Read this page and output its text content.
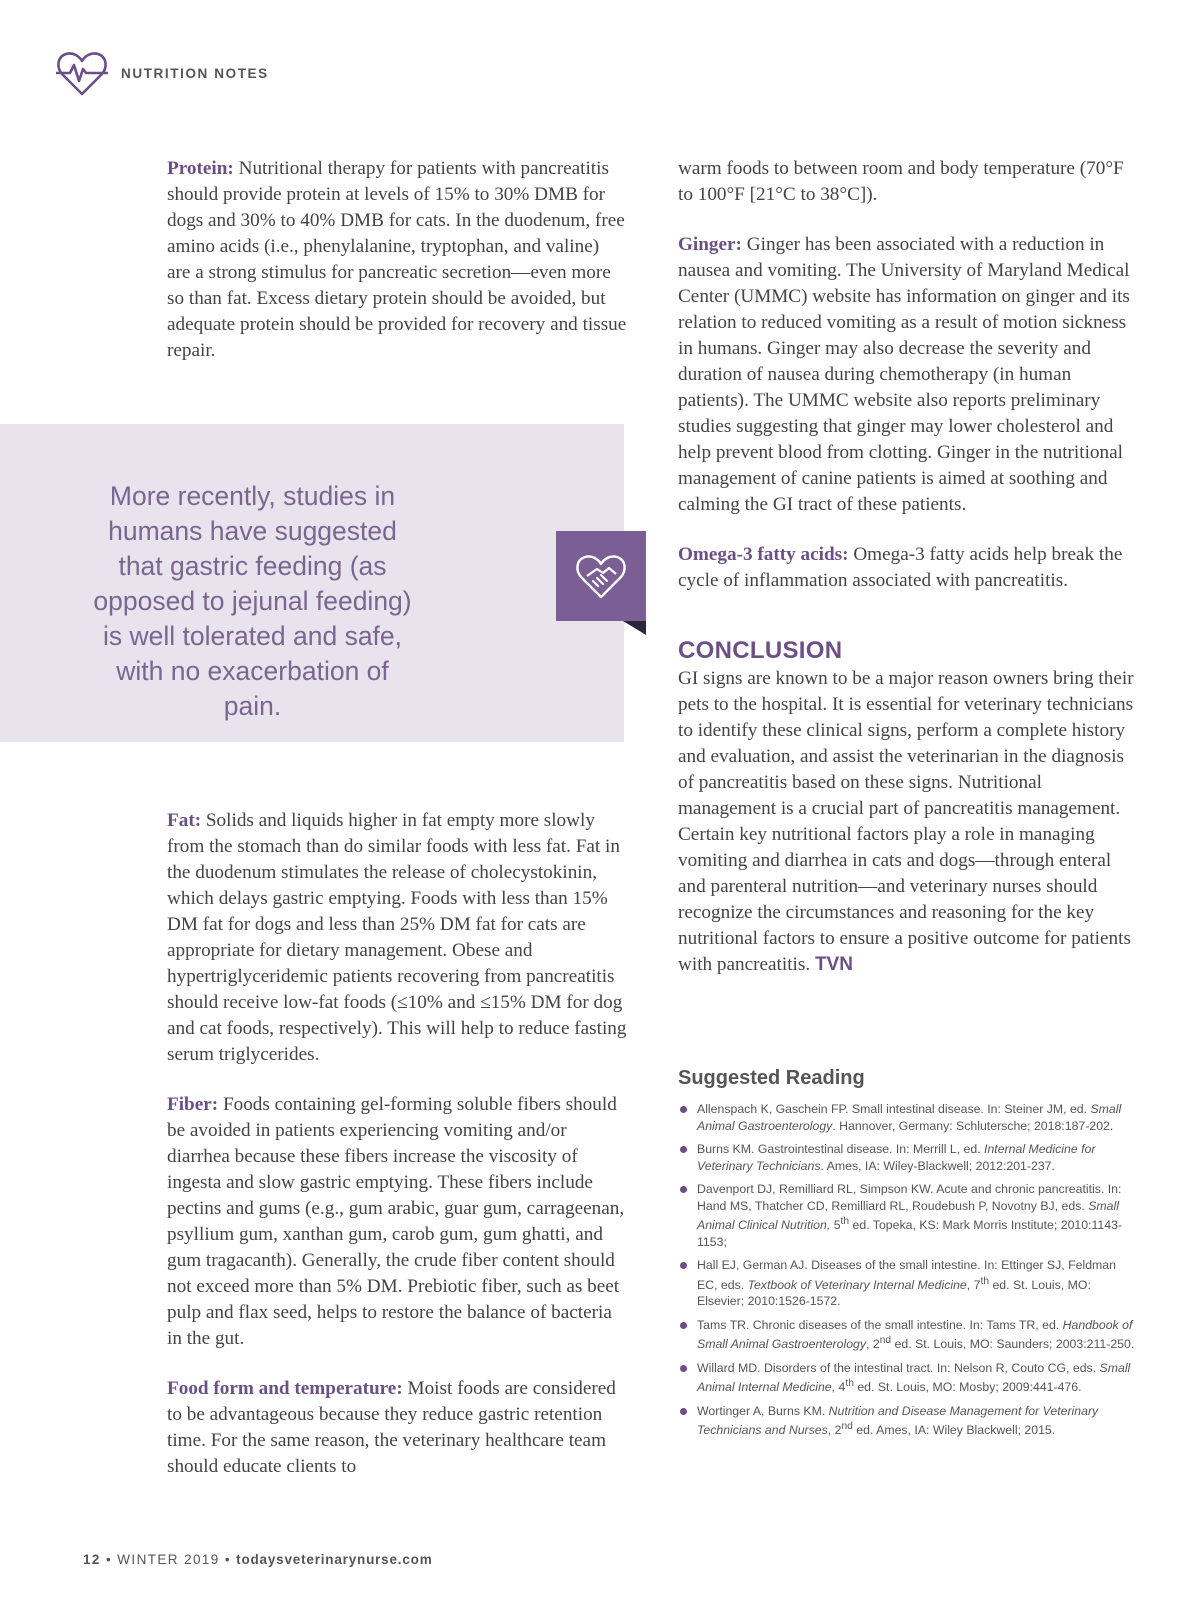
NUTRITION NOTES

Protein: Nutritional therapy for patients with pancreatitis should provide protein at levels of 15% to 30% DMB for dogs and 30% to 40% DMB for cats. In the duodenum, free amino acids (i.e., phenylalanine, tryptophan, and valine) are a strong stimulus for pancreatic secretion—even more so than fat. Excess dietary protein should be avoided, but adequate protein should be provided for recovery and tissue repair.

More recently, studies in humans have suggested that gastric feeding (as opposed to jejunal feeding) is well tolerated and safe, with no exacerbation of pain.

Fat: Solids and liquids higher in fat empty more slowly from the stomach than do similar foods with less fat. Fat in the duodenum stimulates the release of cholecystokinin, which delays gastric emptying. Foods with less than 15% DM fat for dogs and less than 25% DM fat for cats are appropriate for dietary management. Obese and hypertriglyceridemic patients recovering from pancreatitis should receive low-fat foods (≤10% and ≤15% DM for dog and cat foods, respectively). This will help to reduce fasting serum triglycerides.

Fiber: Foods containing gel-forming soluble fibers should be avoided in patients experiencing vomiting and/or diarrhea because these fibers increase the viscosity of ingesta and slow gastric emptying. These fibers include pectins and gums (e.g., gum arabic, guar gum, carrageenan, psyllium gum, xanthan gum, carob gum, gum ghatti, and gum tragacanth). Generally, the crude fiber content should not exceed more than 5% DM. Prebiotic fiber, such as beet pulp and flax seed, helps to restore the balance of bacteria in the gut.

Food form and temperature: Moist foods are considered to be advantageous because they reduce gastric retention time. For the same reason, the veterinary healthcare team should educate clients to

warm foods to between room and body temperature (70°F to 100°F [21°C to 38°C]).

Ginger: Ginger has been associated with a reduction in nausea and vomiting. The University of Maryland Medical Center (UMMC) website has information on ginger and its relation to reduced vomiting as a result of motion sickness in humans. Ginger may also decrease the severity and duration of nausea during chemotherapy (in human patients). The UMMC website also reports preliminary studies suggesting that ginger may lower cholesterol and help prevent blood from clotting. Ginger in the nutritional management of canine patients is aimed at soothing and calming the GI tract of these patients.

Omega-3 fatty acids: Omega-3 fatty acids help break the cycle of inflammation associated with pancreatitis.

CONCLUSION

GI signs are known to be a major reason owners bring their pets to the hospital. It is essential for veterinary technicians to identify these clinical signs, perform a complete history and evaluation, and assist the veterinarian in the diagnosis of pancreatitis based on these signs. Nutritional management is a crucial part of pancreatitis management. Certain key nutritional factors play a role in managing vomiting and diarrhea in cats and dogs—through enteral and parenteral nutrition—and veterinary nurses should recognize the circumstances and reasoning for the key nutritional factors to ensure a positive outcome for patients with pancreatitis. TVN

Suggested Reading
Allenspach K, Gaschein FP. Small intestinal disease. In: Steiner JM, ed. Small Animal Gastroenterology. Hannover, Germany: Schlutersche; 2018:187-202.
Burns KM. Gastrointestinal disease. In: Merrill L, ed. Internal Medicine for Veterinary Technicians. Ames, IA: Wiley-Blackwell; 2012:201-237.
Davenport DJ, Remilliard RL, Simpson KW. Acute and chronic pancreatitis. In: Hand MS, Thatcher CD, Remilliard RL, Roudebush P, Novotny BJ, eds. Small Animal Clinical Nutrition, 5th ed. Topeka, KS: Mark Morris Institute; 2010:1143-1153;
Hall EJ, German AJ. Diseases of the small intestine. In: Ettinger SJ, Feldman EC, eds. Textbook of Veterinary Internal Medicine, 7th ed. St. Louis, MO: Elsevier; 2010:1526-1572.
Tams TR. Chronic diseases of the small intestine. In: Tams TR, ed. Handbook of Small Animal Gastroenterology, 2nd ed. St. Louis, MO: Saunders; 2003:211-250.
Willard MD. Disorders of the intestinal tract. In: Nelson R, Couto CG, eds. Small Animal Internal Medicine, 4th ed. St. Louis, MO: Mosby; 2009:441-476.
Wortinger A, Burns KM. Nutrition and Disease Management for Veterinary Technicians and Nurses, 2nd ed. Ames, IA: Wiley Blackwell; 2015.
12 • WINTER 2019 • todaysveterinarynurse.com
